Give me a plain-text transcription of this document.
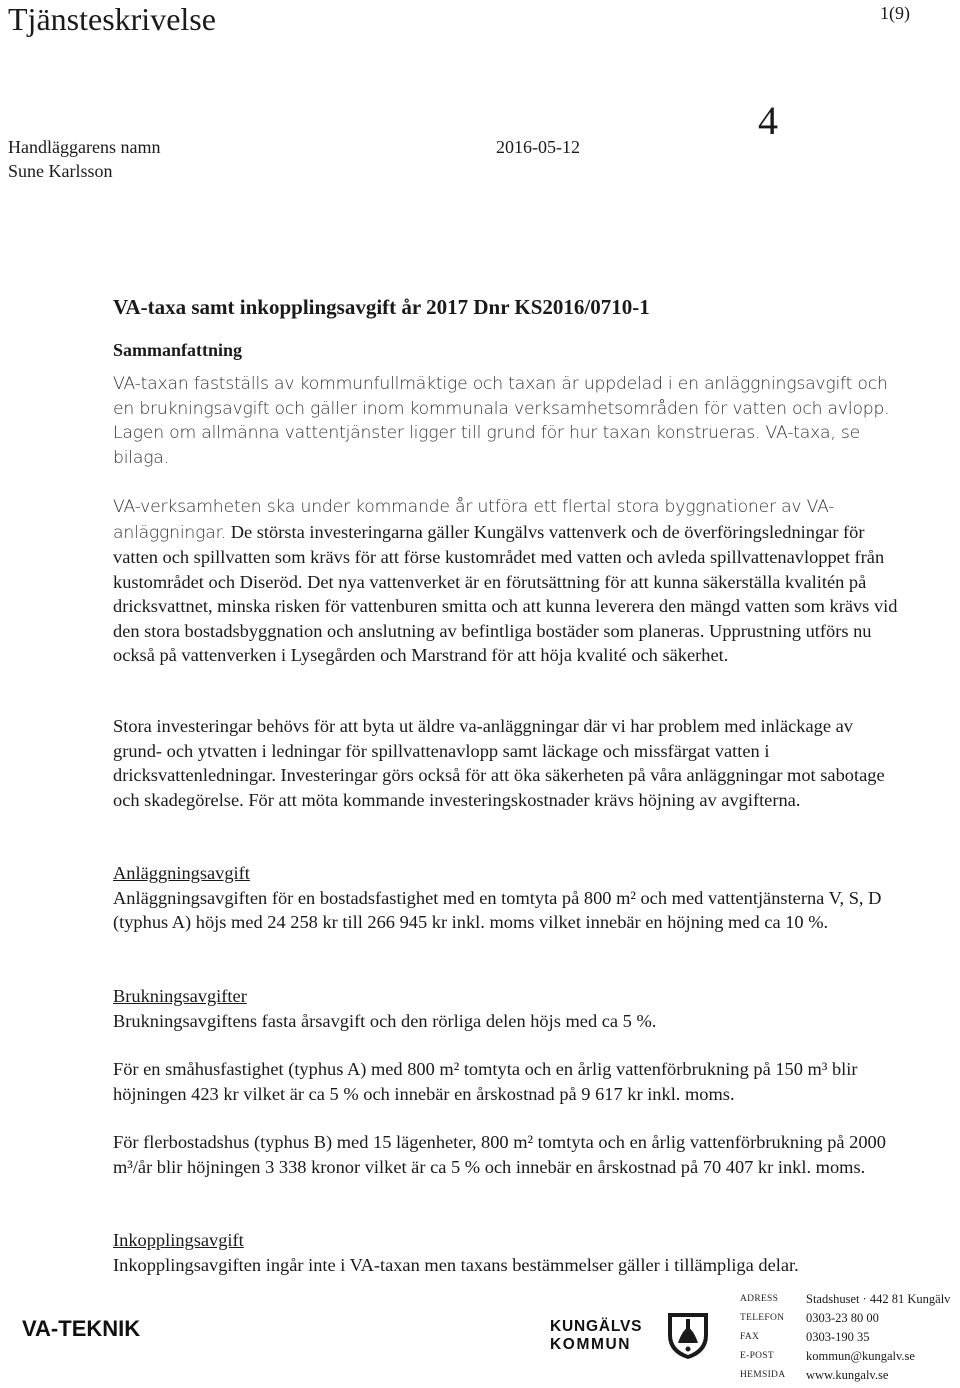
Tjänsteskrivelse	1(9)
Handläggarens namn
Sune Karlsson
2016-05-12
4
VA-taxa samt inkopplingsavgift år 2017 Dnr KS2016/0710-1
Sammanfattning
VA-taxan fastställs av kommunfullmäktige och taxan är uppdelad i en anläggningsavgift och en brukningsavgift och gäller inom kommunala verksamhetsområden för vatten och avlopp. Lagen om allmänna vattentjänster ligger till grund för hur taxan konstrueras. VA-taxa, se bilaga.
VA-verksamheten ska under kommande år utföra ett flertal stora byggnationer av VA-anläggningar. De största investeringarna gäller Kungälvs vattenverk och de överföringsledningar för vatten och spillvatten som krävs för att förse kustområdet med vatten och avleda spillvattenavloppet från kustområdet och Diseröd. Det nya vattenverket är en förutsättning för att kunna säkerställa kvalitén på dricksvattnet, minska risken för vattenburen smitta och att kunna leverera den mängd vatten som krävs vid den stora bostadsbyggnation och anslutning av befintliga bostäder som planeras. Upprustning utförs nu också på vattenverken i Lysegården och Marstrand för att höja kvalité och säkerhet.
Stora investeringar behövs för att byta ut äldre va-anläggningar där vi har problem med inläckage av grund- och ytvatten i ledningar för spillvattenavlopp samt läckage och missfärgat vatten i dricksvattenledningar. Investeringar görs också för att öka säkerheten på våra anläggningar mot sabotage och skadegörelse. För att möta kommande investeringskostnader krävs höjning av avgifterna.

Anläggningsavgift

Anläggningsavgiften för en bostadsfastighet med en tomtyta på 800 m² och med vattentjänsterna V, S, D (typhus A) höjs med 24 258 kr till 266 945 kr inkl. moms vilket innebär en höjning med ca 10 %.

Brukningsavgifter

Brukningsavgiftens fasta årsavgift och den rörliga delen höjs med ca 5 %.

För en småhusfastighet (typhus A) med 800 m² tomtyta och en årlig vattenförbrukning på 150 m³ blir höjningen 423 kr vilket är ca 5 % och innebär en årskostnad på 9 617 kr inkl. moms.
För flerbostadshus (typhus B) med 15 lägenheter, 800 m² tomtyta och en årlig vattenförbrukning på 2000 m³/år blir höjningen 3 338 kronor vilket är ca 5 % och innebär en årskostnad på 70 407 kr inkl. moms.

Inkopplingsavgift

Inkopplingsavgiften ingår inte i VA-taxan men taxans bestämmelser gäller i tillämpliga delar.

VA-TEKNIK	KUNGÄLVS
KOMMUN
ADRESS	Stadshuset · 442 81 Kungälv
TELEFON	0303-23 80 00
FAX	0303-190 35
E-POST	kommun@kungalv.se
HEMSIDA	www.kungalv.se
